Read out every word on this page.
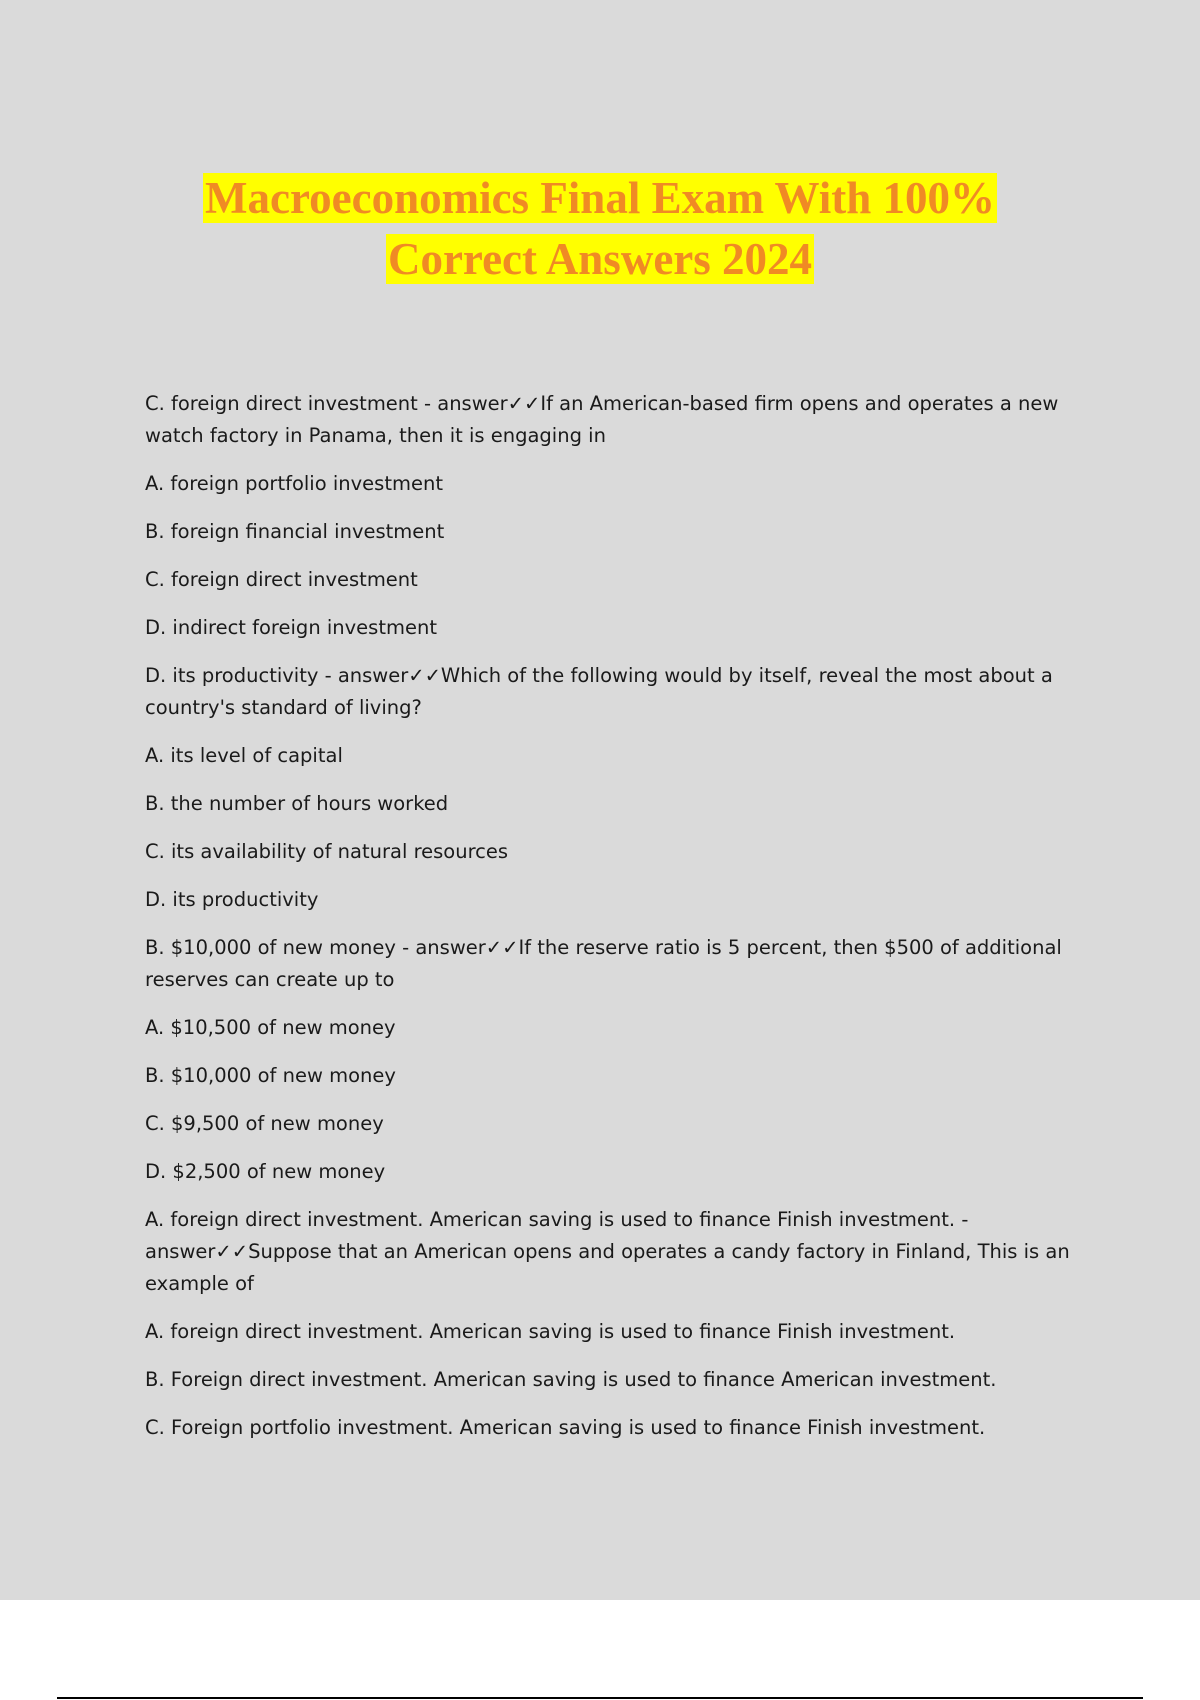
Macroeconomics Final Exam With 100%
Correct Answers 2024

C. foreign direct investment - answer✓✓If an American-based firm opens and operates a new watch factory in Panama, then it is engaging in

A. foreign portfolio investment

B. foreign financial investment

C. foreign direct investment

D. indirect foreign investment

D. its productivity - answer✓✓Which of the following would by itself, reveal the most about a country's standard of living?

A. its level of capital

B. the number of hours worked

C. its availability of natural resources

D. its productivity

B. $10,000 of new money - answer✓✓If the reserve ratio is 5 percent, then $500 of additional reserves can create up to

A. $10,500 of new money

B. $10,000 of new money

C. $9,500 of new money

D. $2,500 of new money

A. foreign direct investment. American saving is used to finance Finish investment. - answer✓✓Suppose that an American opens and operates a candy factory in Finland, This is an example of

A. foreign direct investment. American saving is used to finance Finish investment.

B. Foreign direct investment. American saving is used to finance American investment.

C. Foreign portfolio investment. American saving is used to finance Finish investment.
